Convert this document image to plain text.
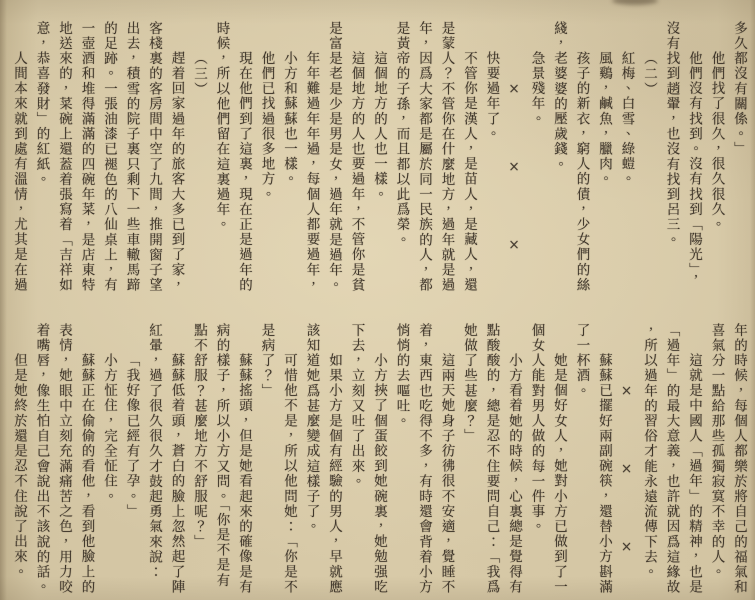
多久都沒有關係。」
他們找了很久，很久很久。
他們沒有找到。沒有找到「陽光」，
沒有找到趙翬，也沒有找到呂三。
（二）
紅梅、白雪、綠螘。
風鷄，鹹魚，臘肉。
孩子的新衣，窮人的債，少女們的絲
綫，老婆婆的壓歲錢。
急景殘年。
×　　　　×　　　　×
快要過年了。
不管你是漢人，是苗人，是藏人，還
是蒙人？不管你在什麼地方，過年就是過
年，因爲大家都是屬於同一民族的人，都
是黃帝的子孫，而且都以此爲榮。
這個地方的人也一樣。
這個地方的人也要過年，不管你是貧
是富是老是少是男是女，過年就是過年。
年年難過年年過，每個人都要過年，
小方和蘇蘇也一樣。
他們已找過很多地方。
現在他們到了這裏，現在正是過年的
時候，所以他們留在這裏過年。
（三）
趕着回家過年的旅客大多已到了家，
客棧裏的客房間中空了九間，推開窗子望
出去，積雪的院子裏只剩下一些車轍馬蹄
的足跡。一張油漆已褪色的八仙桌上，有
一壺酒和堆得滿滿的四碗年菜，是店東特
地送來的，菜碗上還蓋着張寫着「吉祥如
意，恭喜發財」的紅紙。
人間本來就到處有溫情，尤其是在過
年的時候，每個人都樂於將自己的福氣和
喜氣分一點給那些孤獨寂寞不幸的人。
這就是中國人「過年」的精神，也是
「過年」的最大意義，也許就因爲這緣故
，所以過年的習俗才能永遠流傳下去。
×　　　　×　　　　×
蘇蘇已擺好兩副碗筷，還替小方斟滿
了一杯酒。
她是個好女人，她對小方已做到了一
個女人能對男人做的每一件事。
小方看着她的時候，心裏總是覺得有
點酸酸的，總是忍不住要問自己：「我爲
她做了些甚麼？」
這兩天她身子彷彿很不安適，覺睡不
着，東西也吃得不多，有時還會背着小方
悄悄的去嘔吐。
小方挾了個蛋餃到她碗裏，她勉强吃
下去，立刻又吐了出來。
如果小方是個有經驗的男人，早就應
該知道她爲甚麼變成這樣子了。
可惜他不是，所以他問她：「你是不
是病了？」
蘇蘇搖頭，但是她看起來的確像是有
病的樣子，所以小方又問。「你是不是有
點不舒服？甚麼地方不舒服呢？」
蘇蘇低着頭，蒼白的臉上忽然起了陣
紅暈，過了很久很久才鼓起勇氣來說：
「我好像已經有了孕。」
小方怔住，完全怔住。
蘇蘇正在偷偷的看他，看到他臉上的
表情，她眼中立刻充滿痛苦之色，用力咬
着嘴唇，像生怕自己會說出不該說的話。
但是她終於還是忍不住說了出來。
